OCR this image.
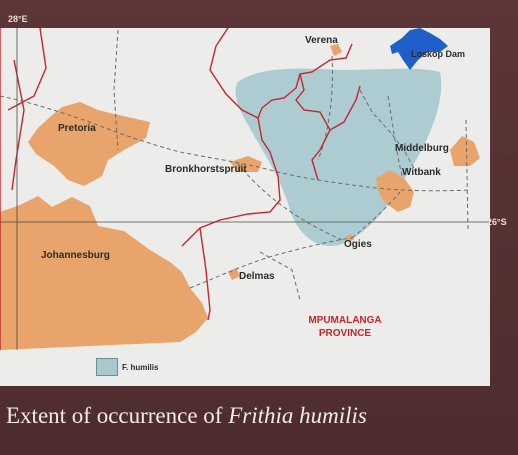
Verena
Loskop Dam
Pretoria
Bronkhorstspruit
Middelburg
Witbank
Ogies
Johannesburg
Delmas
MPUMALANGA
PROVINCE
28°E
26°S
F. humilis
Extent of occurrence of Frithia humilis
